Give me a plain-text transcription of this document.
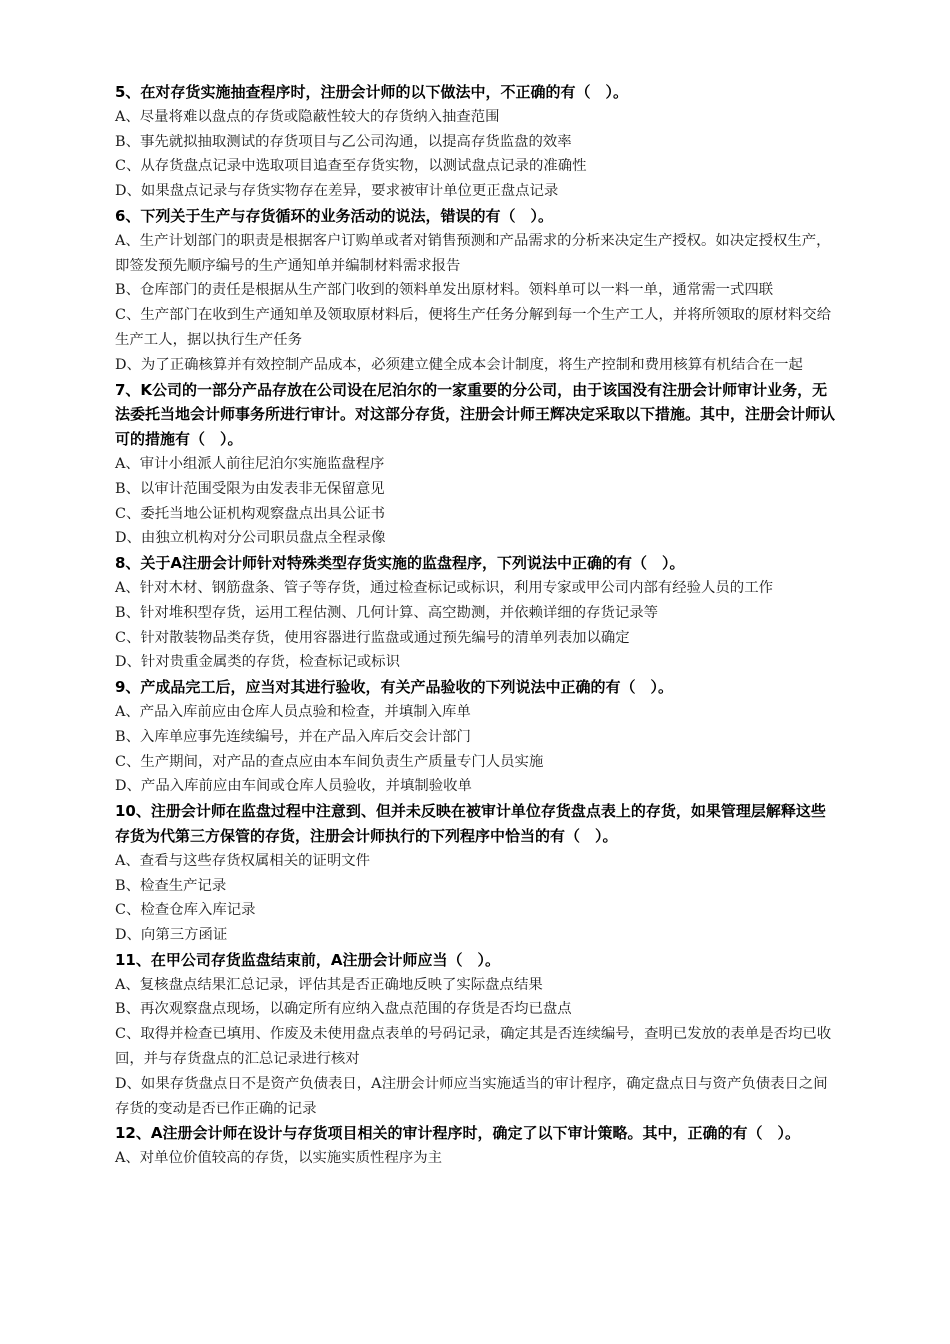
5、在对存货实施抽查程序时，注册会计师的以下做法中，不正确的有（　）。

A、尽量将难以盘点的存货或隐蔽性较大的存货纳入抽查范围

B、事先就拟抽取测试的存货项目与乙公司沟通，以提高存货监盘的效率

C、从存货盘点记录中选取项目追查至存货实物，以测试盘点记录的准确性

D、如果盘点记录与存货实物存在差异，要求被审计单位更正盘点记录

6、下列关于生产与存货循环的业务活动的说法，错误的有（　）。

A、生产计划部门的职责是根据客户订购单或者对销售预测和产品需求的分析来决定生产授权。如决定授权生产，即签发预先顺序编号的生产通知单并编制材料需求报告

B、仓库部门的责任是根据从生产部门收到的领料单发出原材料。领料单可以一料一单，通常需一式四联

C、生产部门在收到生产通知单及领取原材料后，便将生产任务分解到每一个生产工人，并将所领取的原材料交给生产工人，据以执行生产任务

D、为了正确核算并有效控制产品成本，必须建立健全成本会计制度，将生产控制和费用核算有机结合在一起

7、K公司的一部分产品存放在公司设在尼泊尔的一家重要的分公司，由于该国没有注册会计师审计业务，无法委托当地会计师事务所进行审计。对这部分存货，注册会计师王辉决定采取以下措施。其中，注册会计师认可的措施有（　）。

A、审计小组派人前往尼泊尔实施监盘程序

B、以审计范围受限为由发表非无保留意见

C、委托当地公证机构观察盘点出具公证书

D、由独立机构对分公司职员盘点全程录像

8、关于A注册会计师针对特殊类型存货实施的监盘程序，下列说法中正确的有（　）。

A、针对木材、钢筋盘条、管子等存货，通过检查标记或标识，利用专家或甲公司内部有经验人员的工作

B、针对堆积型存货，运用工程估测、几何计算、高空勘测，并依赖详细的存货记录等

C、针对散装物品类存货，使用容器进行监盘或通过预先编号的清单列表加以确定

D、针对贵重金属类的存货，检查标记或标识

9、产成品完工后，应当对其进行验收，有关产品验收的下列说法中正确的有（　）。

A、产品入库前应由仓库人员点验和检查，并填制入库单

B、入库单应事先连续编号，并在产品入库后交会计部门

C、生产期间，对产品的查点应由本车间负责生产质量专门人员实施

D、产品入库前应由车间或仓库人员验收，并填制验收单

10、注册会计师在监盘过程中注意到、但并未反映在被审计单位存货盘点表上的存货，如果管理层解释这些存货为代第三方保管的存货，注册会计师执行的下列程序中恰当的有（　）。

A、查看与这些存货权属相关的证明文件

B、检查生产记录

C、检查仓库入库记录

D、向第三方函证

11、在甲公司存货监盘结束前，A注册会计师应当（　）。

A、复核盘点结果汇总记录，评估其是否正确地反映了实际盘点结果

B、再次观察盘点现场，以确定所有应纳入盘点范围的存货是否均已盘点

C、取得并检查已填用、作废及未使用盘点表单的号码记录，确定其是否连续编号，查明已发放的表单是否均已收回，并与存货盘点的汇总记录进行核对

D、如果存货盘点日不是资产负债表日，A注册会计师应当实施适当的审计程序，确定盘点日与资产负债表日之间存货的变动是否已作正确的记录

12、A注册会计师在设计与存货项目相关的审计程序时，确定了以下审计策略。其中，正确的有（　）。

A、对单位价值较高的存货，以实施实质性程序为主
